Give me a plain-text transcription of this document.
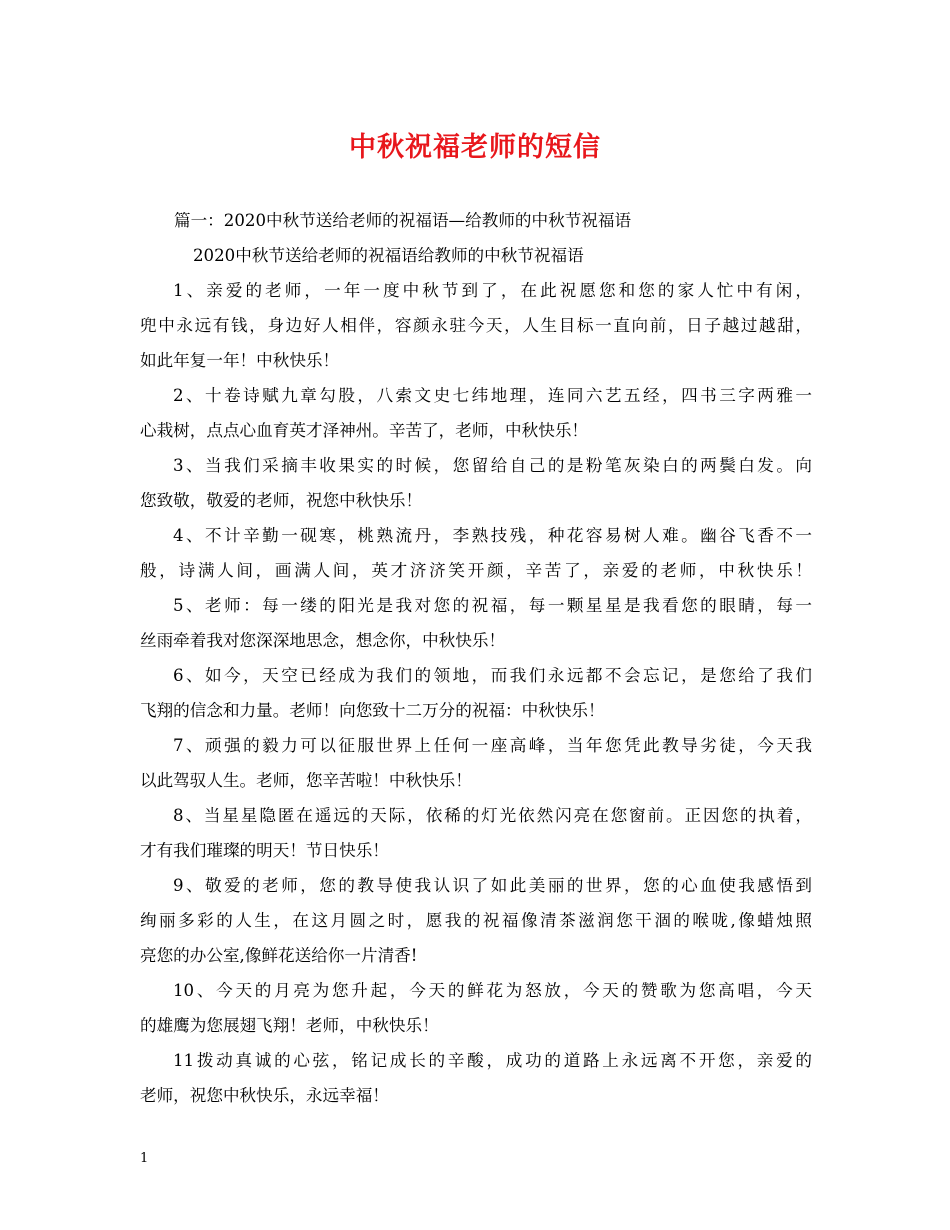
中秋祝福老师的短信
篇一：2020中秋节送给老师的祝福语—给教师的中秋节祝福语
2020中秋节送给老师的祝福语给教师的中秋节祝福语
1、亲爱的老师，一年一度中秋节到了，在此祝愿您和您的家人忙中有闲，
兜中永远有钱，身边好人相伴，容颜永驻今天，人生目标一直向前，日子越过越甜，
如此年复一年！中秋快乐！
2、十卷诗赋九章勾股，八索文史七纬地理，连同六艺五经，四书三字两雅一
心栽树，点点心血育英才泽神州。辛苦了，老师，中秋快乐！
3、当我们采摘丰收果实的时候，您留给自己的是粉笔灰染白的两鬓白发。向
您致敬，敬爱的老师，祝您中秋快乐！
4、不计辛勤一砚寒，桃熟流丹，李熟技残，种花容易树人难。幽谷飞香不一
般，诗满人间，画满人间，英才济济笑开颜，辛苦了，亲爱的老师，中秋快乐！
5、老师：每一缕的阳光是我对您的祝福，每一颗星星是我看您的眼睛，每一
丝雨牵着我对您深深地思念，想念你，中秋快乐！
6、如今，天空已经成为我们的领地，而我们永远都不会忘记，是您给了我们
飞翔的信念和力量。老师！向您致十二万分的祝福：中秋快乐！
7、顽强的毅力可以征服世界上任何一座高峰，当年您凭此教导劣徒，今天我
以此驾驭人生。老师，您辛苦啦！中秋快乐！
8、当星星隐匿在遥远的天际，依稀的灯光依然闪亮在您窗前。正因您的执着，
才有我们璀璨的明天！节日快乐！
9、敬爱的老师，您的教导使我认识了如此美丽的世界，您的心血使我感悟到
绚丽多彩的人生，在这月圆之时，愿我的祝福像清茶滋润您干涸的喉咙,像蜡烛照
亮您的办公室,像鲜花送给你一片清香!
10、今天的月亮为您升起，今天的鲜花为怒放，今天的赞歌为您高唱，今天
的雄鹰为您展翅飞翔！老师，中秋快乐！
11拨动真诚的心弦，铭记成长的辛酸，成功的道路上永远离不开您，亲爱的
老师，祝您中秋快乐，永远幸福！
1
